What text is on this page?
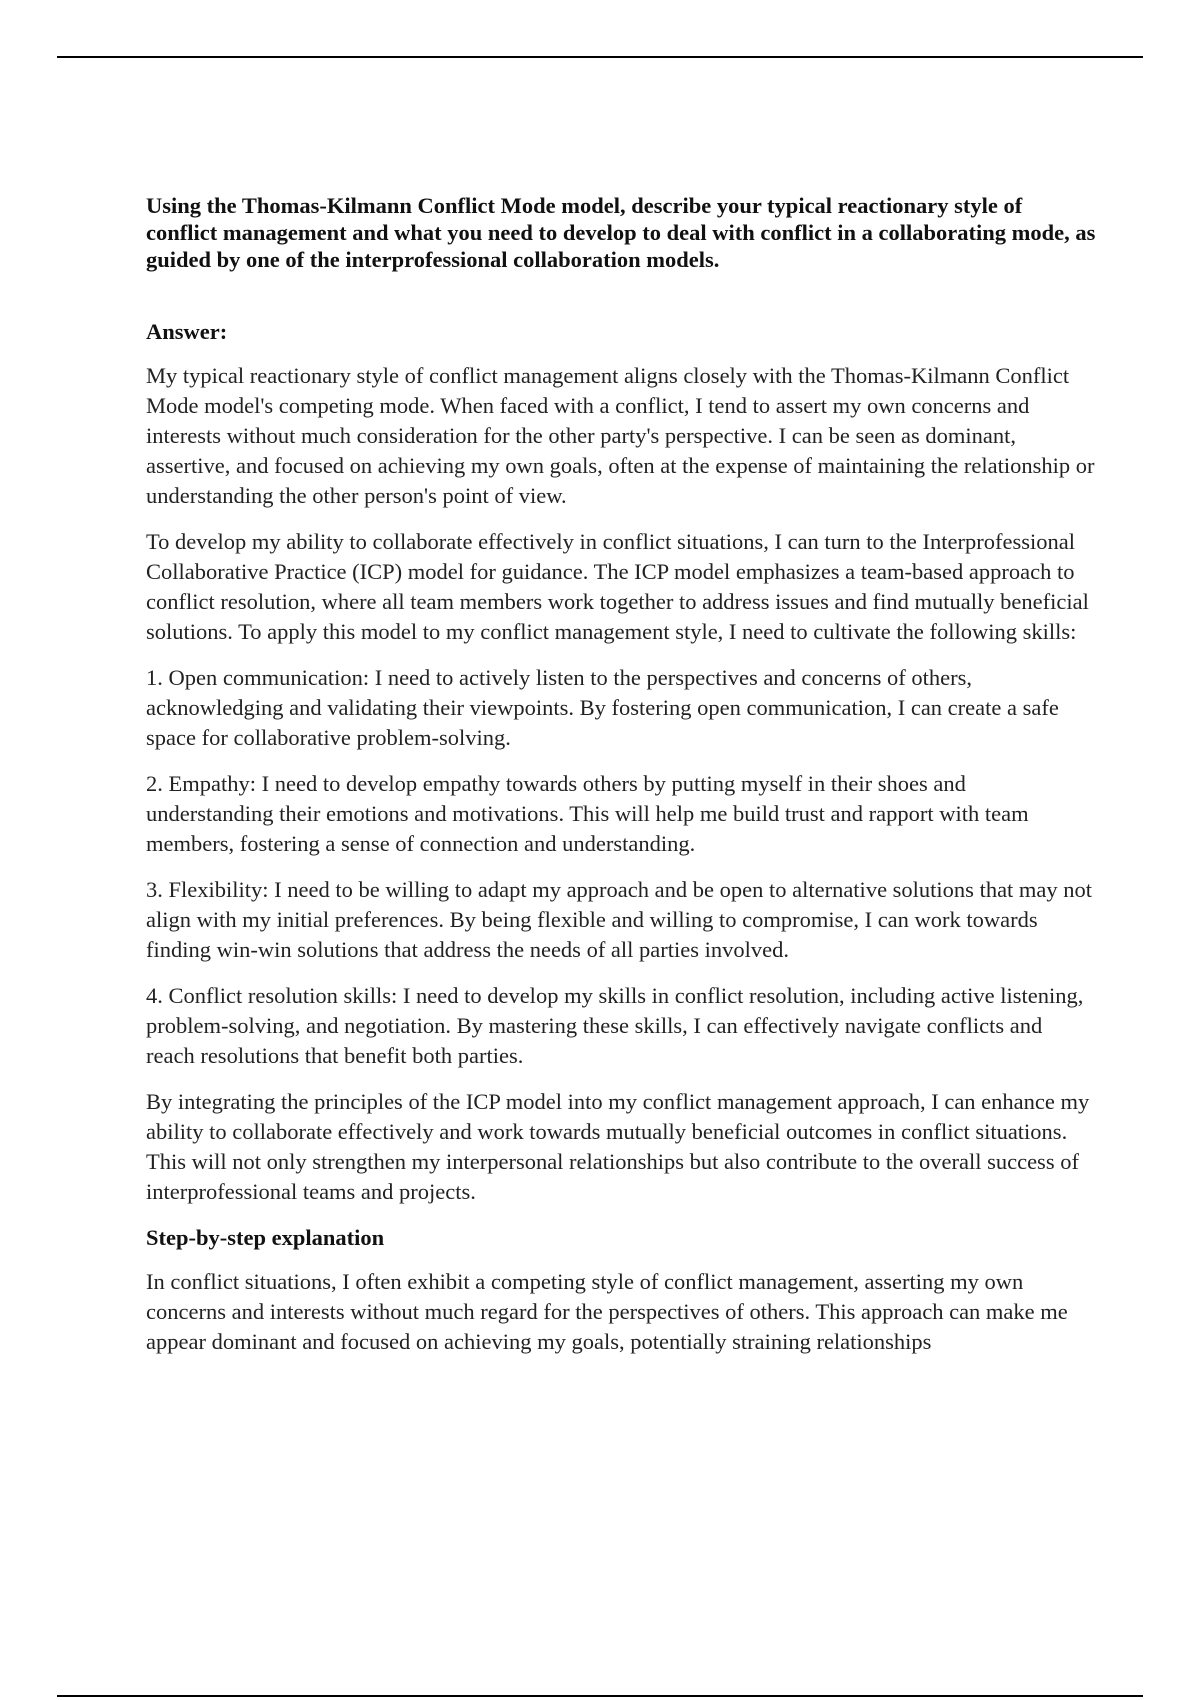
Using the Thomas-Kilmann Conflict Mode model, describe your typical reactionary style of conflict management and what you need to develop to deal with conflict in a collaborating mode, as guided by one of the interprofessional collaboration models.

Answer:

My typical reactionary style of conflict management aligns closely with the Thomas-Kilmann Conflict Mode model's competing mode. When faced with a conflict, I tend to assert my own concerns and interests without much consideration for the other party's perspective. I can be seen as dominant, assertive, and focused on achieving my own goals, often at the expense of maintaining the relationship or understanding the other person's point of view.

To develop my ability to collaborate effectively in conflict situations, I can turn to the Interprofessional Collaborative Practice (ICP) model for guidance. The ICP model emphasizes a team-based approach to conflict resolution, where all team members work together to address issues and find mutually beneficial solutions. To apply this model to my conflict management style, I need to cultivate the following skills:

1. Open communication: I need to actively listen to the perspectives and concerns of others, acknowledging and validating their viewpoints. By fostering open communication, I can create a safe space for collaborative problem-solving.

2. Empathy: I need to develop empathy towards others by putting myself in their shoes and understanding their emotions and motivations. This will help me build trust and rapport with team members, fostering a sense of connection and understanding.

3. Flexibility: I need to be willing to adapt my approach and be open to alternative solutions that may not align with my initial preferences. By being flexible and willing to compromise, I can work towards finding win-win solutions that address the needs of all parties involved.

4. Conflict resolution skills: I need to develop my skills in conflict resolution, including active listening, problem-solving, and negotiation. By mastering these skills, I can effectively navigate conflicts and reach resolutions that benefit both parties.

By integrating the principles of the ICP model into my conflict management approach, I can enhance my ability to collaborate effectively and work towards mutually beneficial outcomes in conflict situations. This will not only strengthen my interpersonal relationships but also contribute to the overall success of interprofessional teams and projects.

Step-by-step explanation

In conflict situations, I often exhibit a competing style of conflict management, asserting my own concerns and interests without much regard for the perspectives of others. This approach can make me appear dominant and focused on achieving my goals, potentially straining relationships
